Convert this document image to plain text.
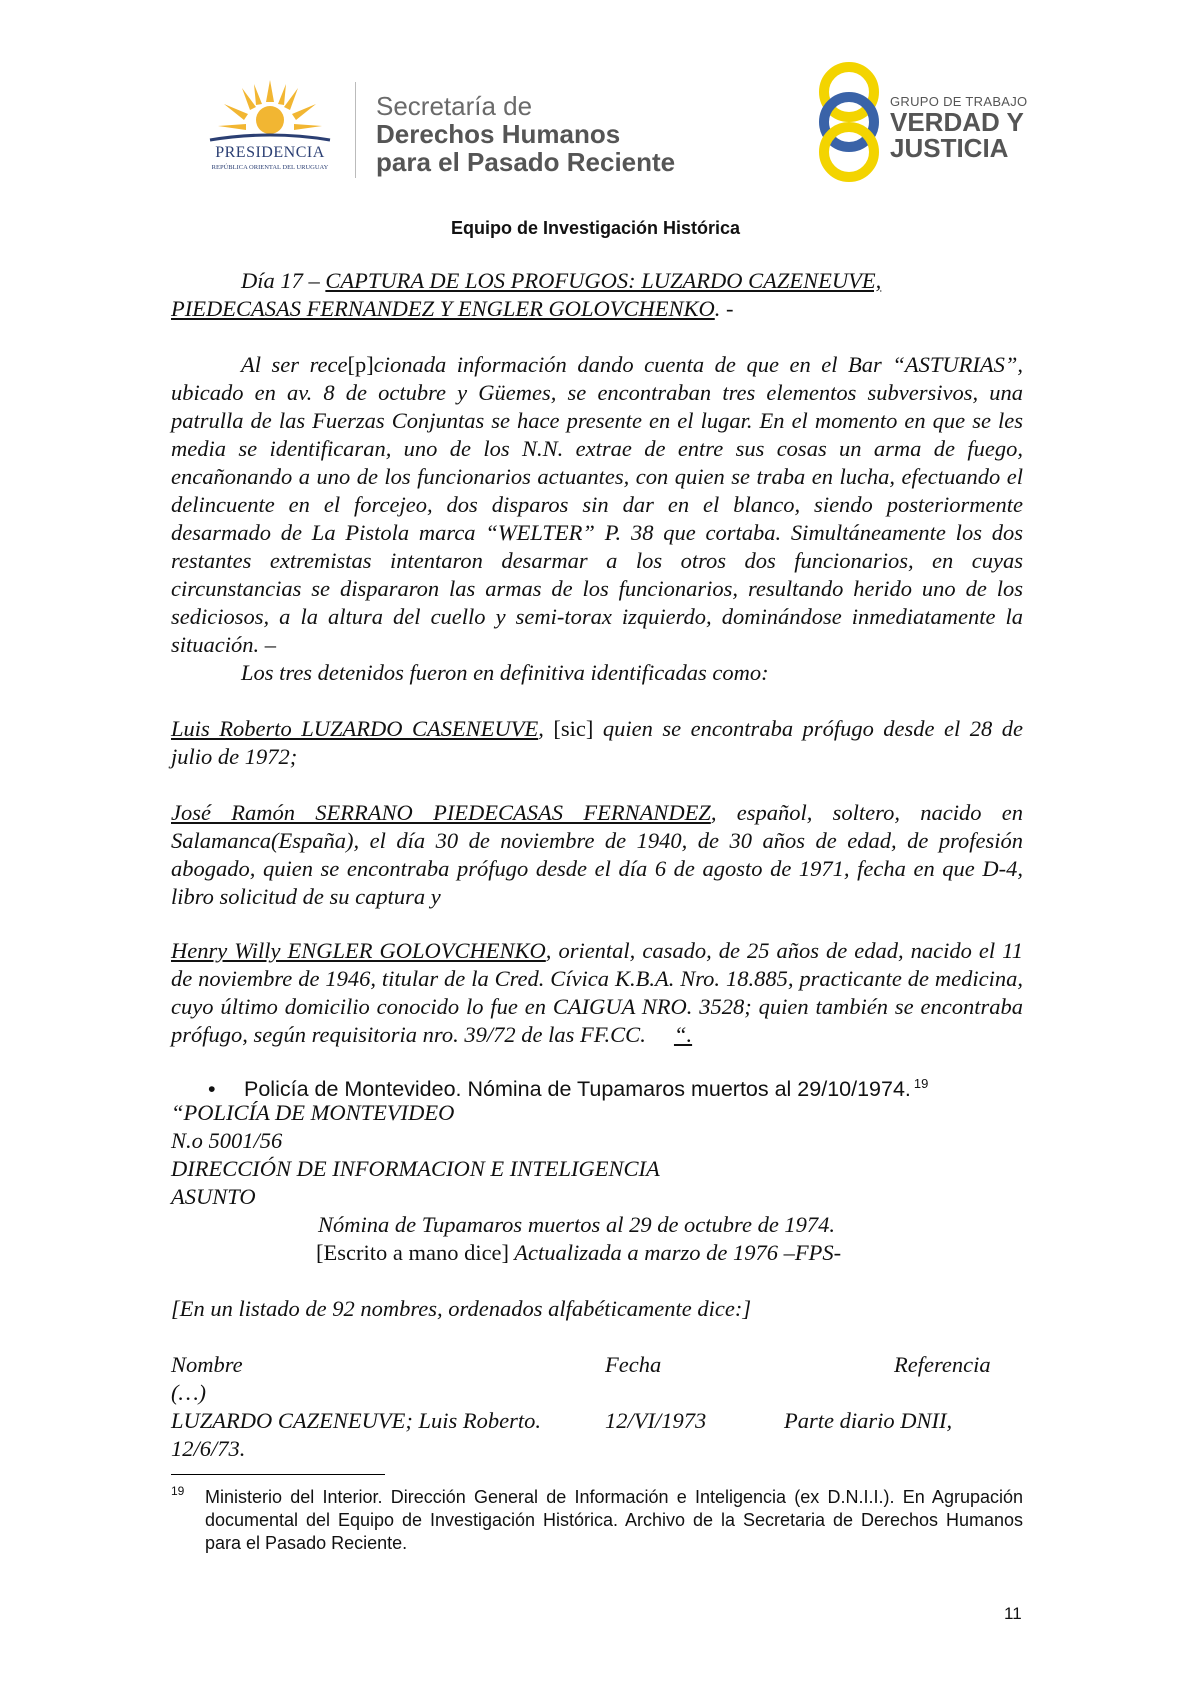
PRESIDENCIA
REPÚBLICA ORIENTAL DEL URUGUAY
Secretaría de
Derechos Humanos
para el Pasado Reciente
GRUPO DE TRABAJO
VERDAD Y
JUSTICIA
Equipo de Investigación Histórica
Día 17 – CAPTURA DE LOS PROFUGOS: LUZARDO CAZENEUVE,
PIEDECASAS FERNANDEZ Y ENGLER GOLOVCHENKO. -
Al ser rece[p]cionada información dando cuenta de que en el Bar “ASTURIAS”, ubicado en av. 8 de octubre y Güemes, se encontraban tres elementos subversivos, una patrulla de las Fuerzas Conjuntas se hace presente en el lugar. En el momento en que se les media se identificaran, uno de los N.N. extrae de entre sus cosas un arma de fuego, encañonando a uno de los funcionarios actuantes, con quien se traba en lucha, efectuando el delincuente en el forcejeo, dos disparos sin dar en el blanco, siendo posteriormente desarmado de La Pistola marca “WELTER” P. 38 que cortaba. Simultáneamente los dos restantes extremistas intentaron desarmar a los otros dos funcionarios, en cuyas circunstancias se dispararon las armas de los funcionarios, resultando herido uno de los sediciosos, a la altura del cuello y semi-torax izquierdo, dominándose inmediatamente la situación. –
Los tres detenidos fueron en definitiva identificadas como:
Luis Roberto LUZARDO CASENEUVE, [sic] quien se encontraba prófugo desde el 28 de julio de 1972;
José Ramón SERRANO PIEDECASAS FERNANDEZ, español, soltero, nacido en Salamanca(España), el día 30 de noviembre de 1940, de 30 años de edad, de profesión abogado, quien se encontraba prófugo desde el día 6 de agosto de 1971, fecha en que D-4, libro solicitud de su captura y
Henry Willy ENGLER GOLOVCHENKO, oriental, casado, de 25 años de edad, nacido el 11 de noviembre de 1946, titular de la Cred. Cívica K.B.A. Nro. 18.885, practicante de medicina, cuyo último domicilio conocido lo fue en CAIGUA NRO. 3528; quien también se encontraba prófugo, según requisitoria nro. 39/72 de las FF.CC. “.
• Policía de Montevideo. Nómina de Tupamaros muertos al 29/10/1974. $^{19}$
“POLICÍA DE MONTEVIDEO
N.o 5001/56
DIRECCIÓN DE INFORMACION E INTELIGENCIA
ASUNTO
Nómina de Tupamaros muertos al 29 de octubre de 1974.
[Escrito a mano dice] Actualizada a marzo de 1976 –FPS-
[En un listado de 92 nombres, ordenados alfabéticamente dice:]
Nombre	Fecha	Referencia
(…)
LUZARDO CAZENEUVE; Luis Roberto.	12/VI/1973	Parte diario DNII,
12/6/73.
19 Ministerio del Interior. Dirección General de Información e Inteligencia (ex D.N.I.I.). En Agrupación documental del Equipo de Investigación Histórica. Archivo de la Secretaria de Derechos Humanos para el Pasado Reciente.
11
